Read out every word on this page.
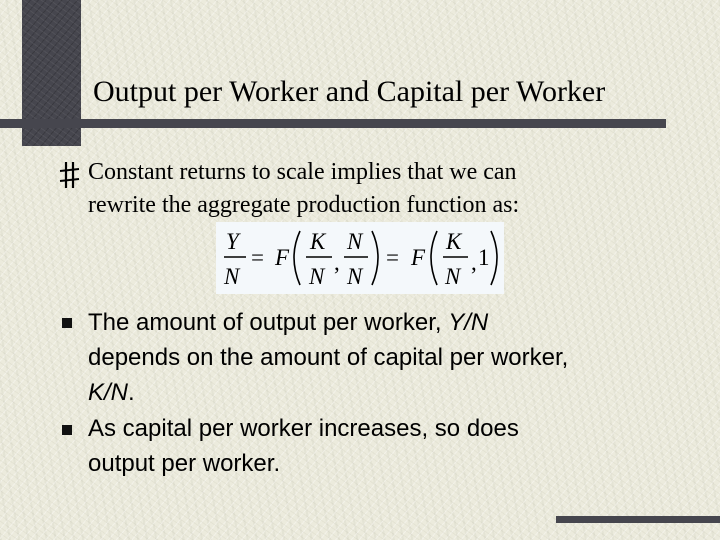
Output per Worker and Capital per Worker
Constant returns to scale implies that we can
rewrite the aggregate production function as:
Y
N
= F
K
N
,
N
N
= F
K
N
, 1
The amount of output per worker, Y/N
depends on the amount of capital per worker,
K/N.
As capital per worker increases, so does
output per worker.
